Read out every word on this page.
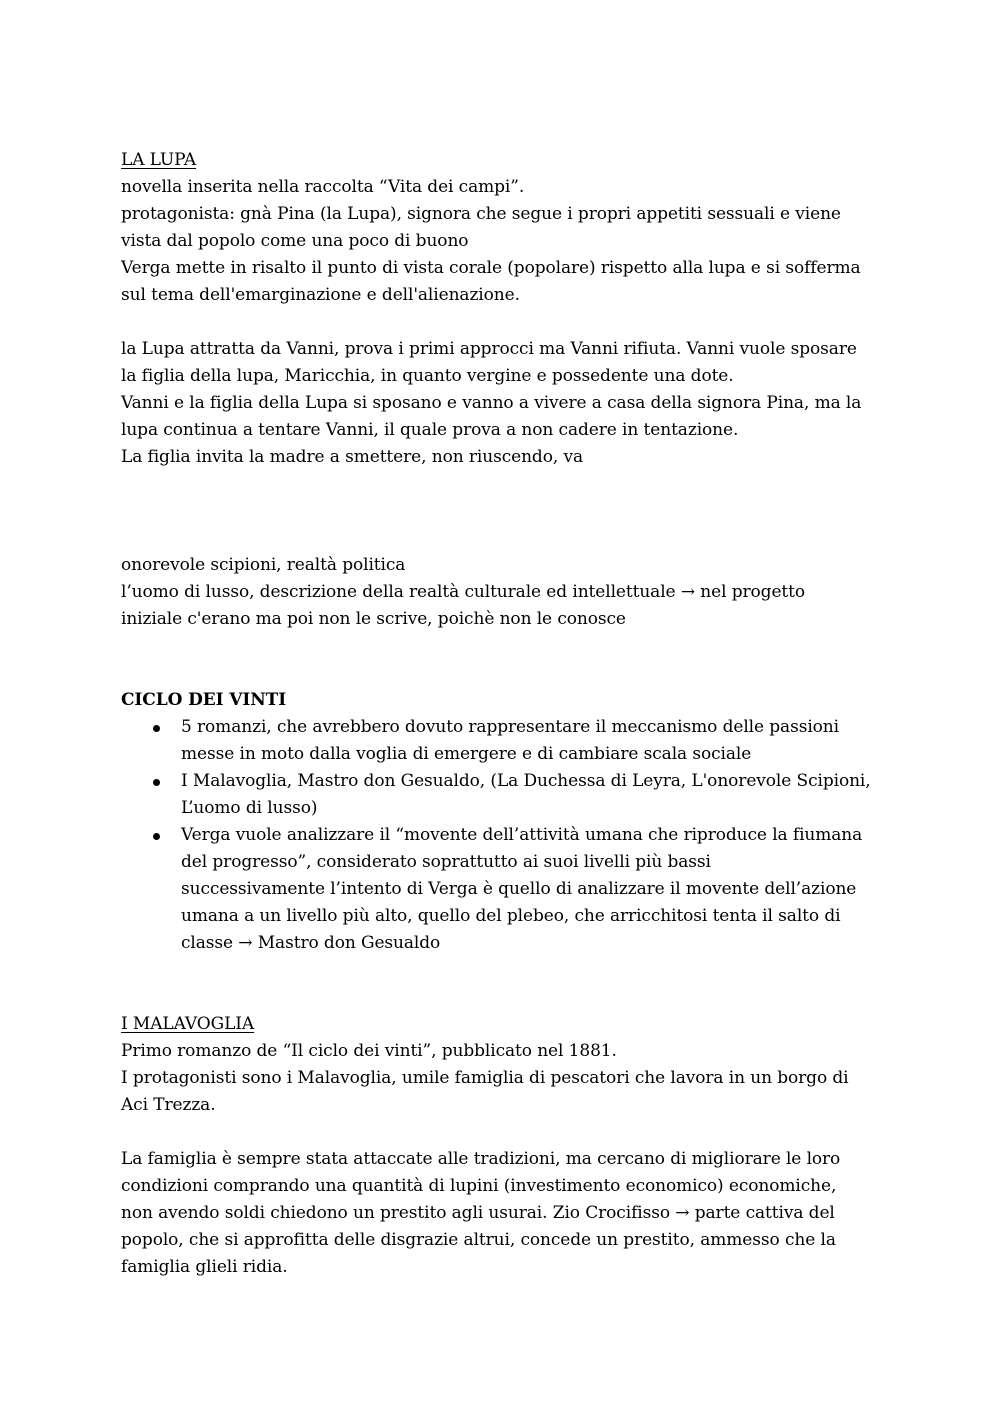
LA LUPA
novella inserita nella raccolta “Vita dei campi”.
protagonista: gnà Pina (la Lupa), signora che segue i propri appetiti sessuali e viene
vista dal popolo come una poco di buono
Verga mette in risalto il punto di vista corale (popolare) rispetto alla lupa e si sofferma
sul tema dell'emarginazione e dell'alienazione.
la Lupa attratta da Vanni, prova i primi approcci ma Vanni rifiuta. Vanni vuole sposare
la figlia della lupa, Maricchia, in quanto vergine e possedente una dote.
Vanni e la figlia della Lupa si sposano e vanno a vivere a casa della signora Pina, ma la
lupa continua a tentare Vanni, il quale prova a non cadere in tentazione.
La figlia invita la madre a smettere, non riuscendo, va
onorevole scipioni, realtà politica
l’uomo di lusso, descrizione della realtà culturale ed intellettuale → nel progetto
iniziale c'erano ma poi non le scrive, poichè non le conosce
CICLO DEI VINTI
5 romanzi, che avrebbero dovuto rappresentare il meccanismo delle passioni
messe in moto dalla voglia di emergere e di cambiare scala sociale
I Malavoglia, Mastro don Gesualdo, (La Duchessa di Leyra, L'onorevole Scipioni,
L’uomo di lusso)
Verga vuole analizzare il “movente dell’attività umana che riproduce la fiumana
del progresso”, considerato soprattutto ai suoi livelli più bassi
successivamente l’intento di Verga è quello di analizzare il movente dell’azione
umana a un livello più alto, quello del plebeo, che arricchitosi tenta il salto di
classe → Mastro don Gesualdo
I MALAVOGLIA
Primo romanzo de “Il ciclo dei vinti”, pubblicato nel 1881.
I protagonisti sono i Malavoglia, umile famiglia di pescatori che lavora in un borgo di
Aci Trezza.
La famiglia è sempre stata attaccate alle tradizioni, ma cercano di migliorare le loro
condizioni comprando una quantità di lupini (investimento economico) economiche,
non avendo soldi chiedono un prestito agli usurai. Zio Crocifisso → parte cattiva del
popolo, che si approfitta delle disgrazie altrui, concede un prestito, ammesso che la
famiglia glieli ridia.
